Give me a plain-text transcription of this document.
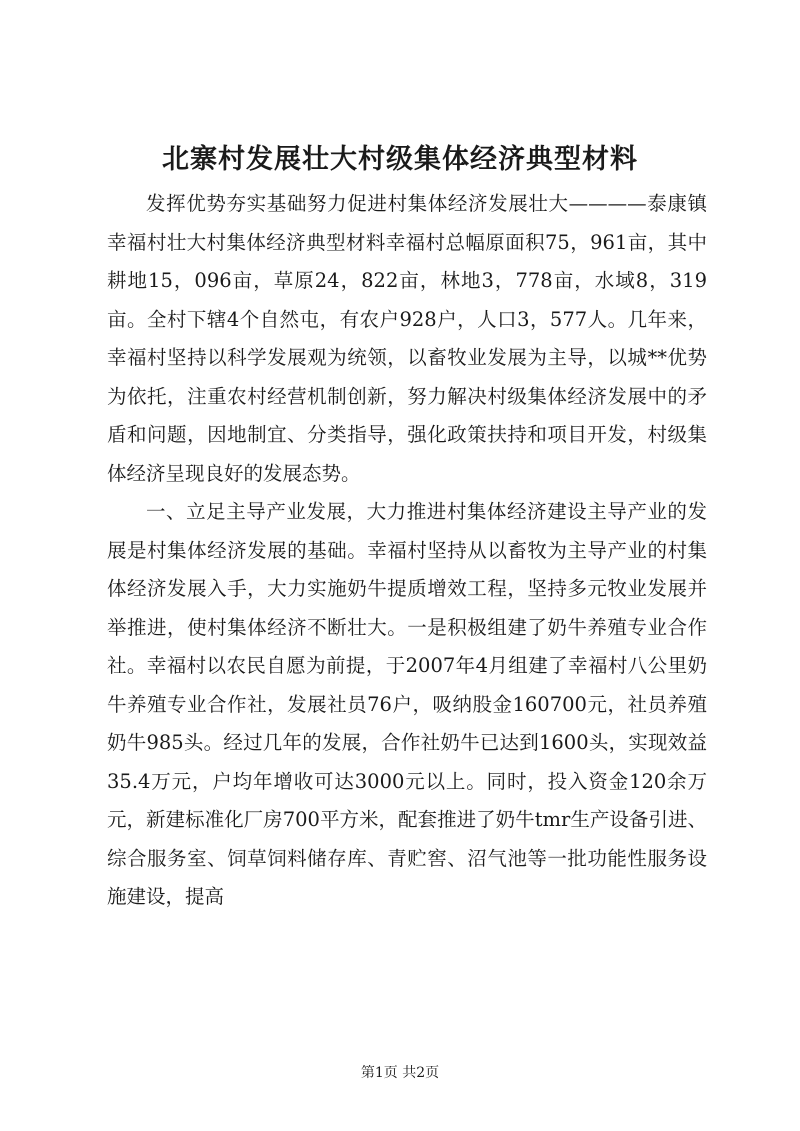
北寨村发展壮大村级集体经济典型材料

发挥优势夯实基础努力促进村集体经济发展壮大————泰康镇幸福村壮大村集体经济典型材料幸福村总幅原面积75，961亩，其中耕地15，096亩，草原24，822亩，林地3，778亩，水域8，319亩。全村下辖4个自然屯，有农户928户，人口3，577人。几年来，幸福村坚持以科学发展观为统领，以畜牧业发展为主导，以城**优势为依托，注重农村经营机制创新，努力解决村级集体经济发展中的矛盾和问题，因地制宜、分类指导，强化政策扶持和项目开发，村级集体经济呈现良好的发展态势。

一、立足主导产业发展，大力推进村集体经济建设主导产业的发展是村集体经济发展的基础。幸福村坚持从以畜牧为主导产业的村集体经济发展入手，大力实施奶牛提质增效工程，坚持多元牧业发展并举推进，使村集体经济不断壮大。一是积极组建了奶牛养殖专业合作社。幸福村以农民自愿为前提，于2007年4月组建了幸福村八公里奶牛养殖专业合作社，发展社员76户，吸纳股金160700元，社员养殖奶牛985头。经过几年的发展，合作社奶牛已达到1600头，实现效益35.4万元，户均年增收可达3000元以上。同时，投入资金120余万元，新建标准化厂房700平方米，配套推进了奶牛tmr生产设备引进、综合服务室、饲草饲料储存库、青贮窖、沼气池等一批功能性服务设施建设，提高

第1页 共2页
